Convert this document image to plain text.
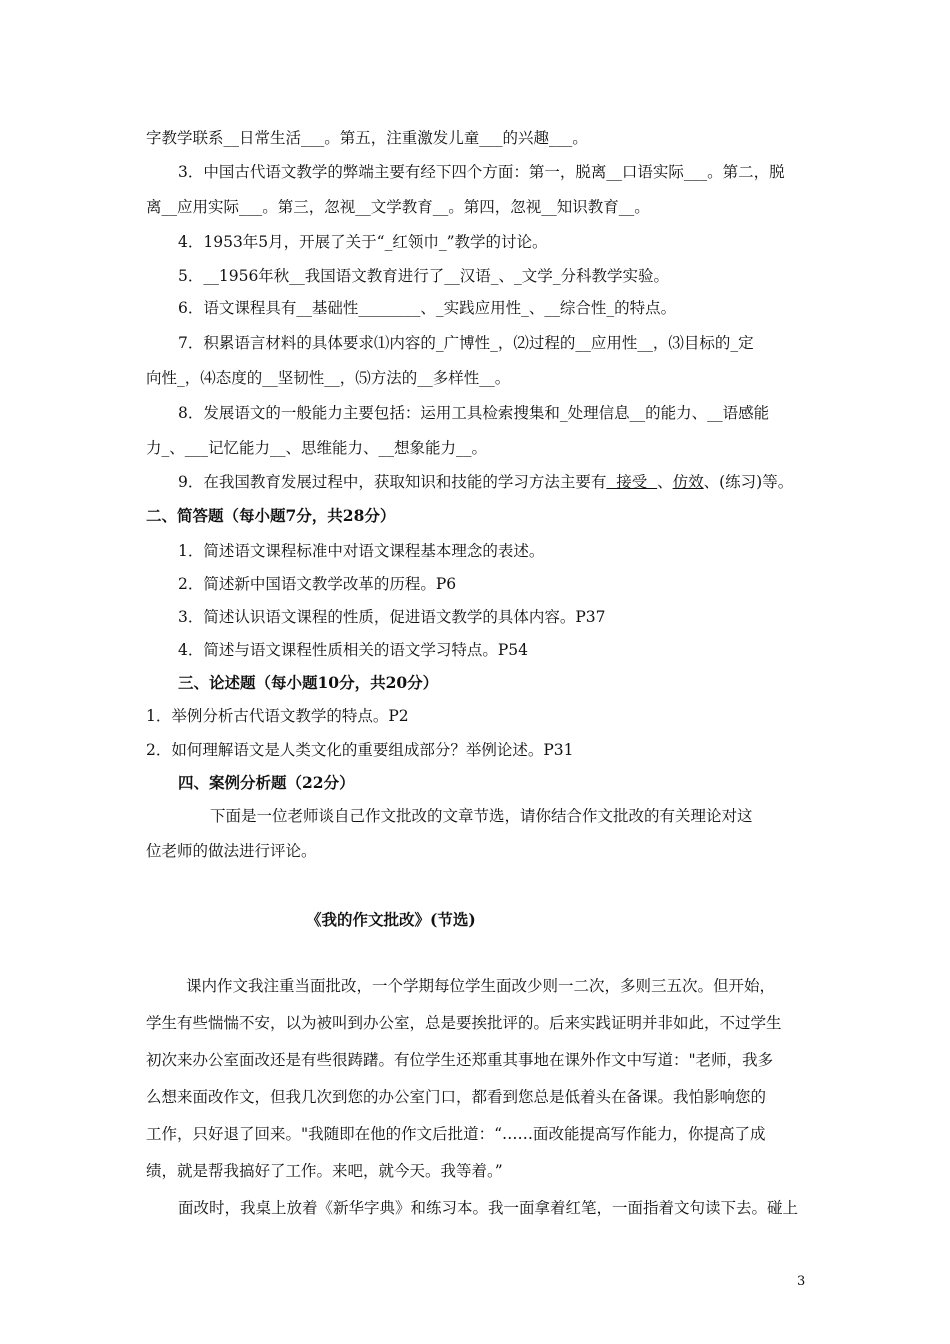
字教学联系__日常生活___。第五，注重激发儿童___的兴趣___。
3．中国古代语文教学的弊端主要有经下四个方面：第一，脱离__口语实际___。第二，脱
离__应用实际___。第三，忽视__文学教育__。第四，忽视__知识教育__。
4．1953年5月，开展了关于“_红领巾_”教学的讨论。
5．__1956年秋__我国语文教育进行了__汉语_、_文学_分科教学实验。
6．语文课程具有__基础性________、_实践应用性_、__综合性_的特点。
7．积累语言材料的具体要求⑴内容的_广博性_，⑵过程的__应用性__，⑶目标的_定
向性_，⑷态度的__坚韧性__，⑸方法的__多样性__。
8．发展语文的一般能力主要包括：运用工具检索搜集和_处理信息__的能力、__语感能
力_、___记忆能力__、思维能力、__想象能力__。
9．在我国教育发展过程中，获取知识和技能的学习方法主要有  接受  、仿效、(练习)等。
二、简答题（每小题7分，共28分）
1．简述语文课程标准中对语文课程基本理念的表述。
2．简述新中国语文教学改革的历程。P6
3．简述认识语文课程的性质，促进语文教学的具体内容。P37
4．简述与语文课程性质相关的语文学习特点。P54
三、论述题（每小题10分，共20分）
1．举例分析古代语文教学的特点。P2
2．如何理解语文是人类文化的重要组成部分？举例论述。P31
四、案例分析题（22分）
下面是一位老师谈自己作文批改的文章节选，请你结合作文批改的有关理论对这
位老师的做法进行评论。
《我的作文批改》(节选)
课内作文我注重当面批改，一个学期每位学生面改少则一二次，多则三五次。但开始，
学生有些惴惴不安，以为被叫到办公室，总是要挨批评的。后来实践证明并非如此，不过学生
初次来办公室面改还是有些很踌躇。有位学生还郑重其事地在课外作文中写道："老师，我多
么想来面改作文，但我几次到您的办公室门口，都看到您总是低着头在备课。我怕影响您的
工作，只好退了回来。"我随即在他的作文后批道：“……面改能提高写作能力，你提高了成
绩，就是帮我搞好了工作。来吧，就今天。我等着。”
面改时，我桌上放着《新华字典》和练习本。我一面拿着红笔，一面指着文句读下去。碰上
3
